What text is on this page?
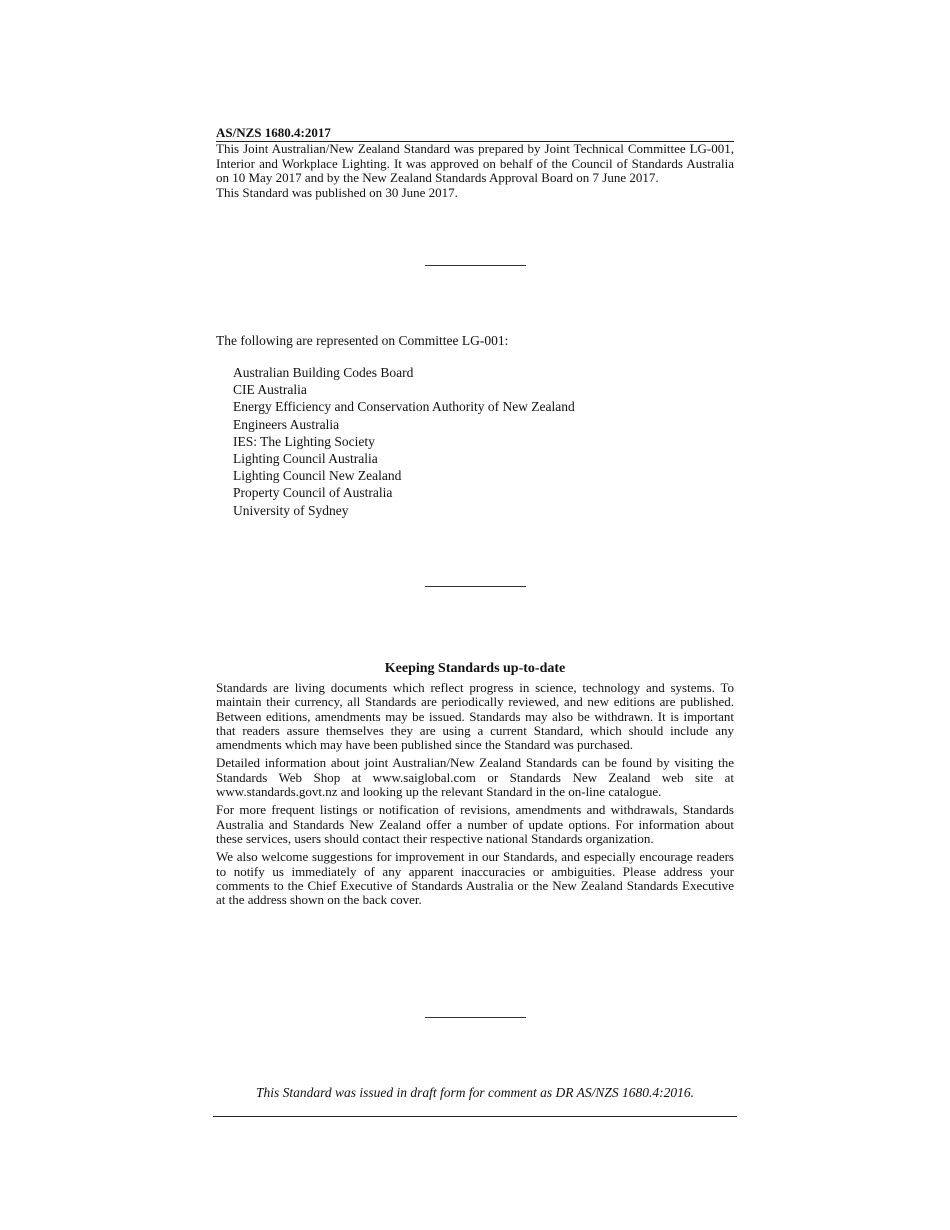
AS/NZS 1680.4:2017

This Joint Australian/New Zealand Standard was prepared by Joint Technical Committee LG-001, Interior and Workplace Lighting. It was approved on behalf of the Council of Standards Australia on 10 May 2017 and by the New Zealand Standards Approval Board on 7 June 2017.

This Standard was published on 30 June 2017.

The following are represented on Committee LG-001:
Australian Building Codes Board
CIE Australia
Energy Efficiency and Conservation Authority of New Zealand
Engineers Australia
IES: The Lighting Society
Lighting Council Australia
Lighting Council New Zealand
Property Council of Australia
University of Sydney
Keeping Standards up-to-date

Standards are living documents which reflect progress in science, technology and systems. To maintain their currency, all Standards are periodically reviewed, and new editions are published. Between editions, amendments may be issued. Standards may also be withdrawn. It is important that readers assure themselves they are using a current Standard, which should include any amendments which may have been published since the Standard was purchased.

Detailed information about joint Australian/New Zealand Standards can be found by visiting the Standards Web Shop at www.saiglobal.com or Standards New Zealand web site at www.standards.govt.nz and looking up the relevant Standard in the on-line catalogue.

For more frequent listings or notification of revisions, amendments and withdrawals, Standards Australia and Standards New Zealand offer a number of update options. For information about these services, users should contact their respective national Standards organization.

We also welcome suggestions for improvement in our Standards, and especially encourage readers to notify us immediately of any apparent inaccuracies or ambiguities. Please address your comments to the Chief Executive of Standards Australia or the New Zealand Standards Executive at the address shown on the back cover.

This Standard was issued in draft form for comment as DR AS/NZS 1680.4:2016.
